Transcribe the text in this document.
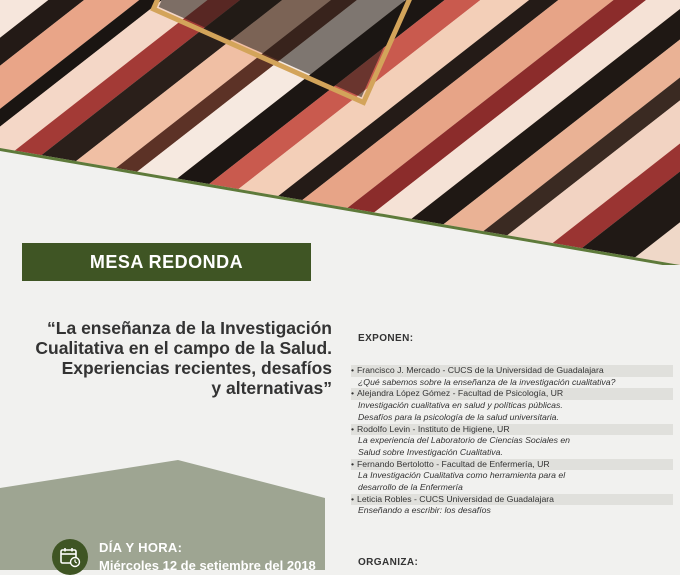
MESA REDONDA
“La enseñanza de la Investigación
Cualitativa en el campo de la Salud.
Experiencias recientes, desafíos
y alternativas”
DÍA Y HORA:
Miércoles 12 de setiembre del 2018
EXPONEN:
• Francisco J. Mercado - CUCS de la Universidad de Guadalajara
¿Qué sabemos sobre la enseñanza de la investigación cualitativa?
• Alejandra López Gómez - Facultad de Psicología, UR
Investigación cualitativa en salud y políticas públicas.
Desafíos para la psicología de la salud universitaria.
• Rodolfo Levin - Instituto de Higiene, UR
La experiencia del Laboratorio de Ciencias Sociales en
Salud sobre Investigación Cualitativa.
• Fernando Bertolotto - Facultad de Enfermería, UR
La Investigación Cualitativa como herramienta para el
desarrollo de la Enfermería
• Leticia Robles - CUCS Universidad de Guadalajara
Enseñando a escribir: los desafíos
ORGANIZA:
